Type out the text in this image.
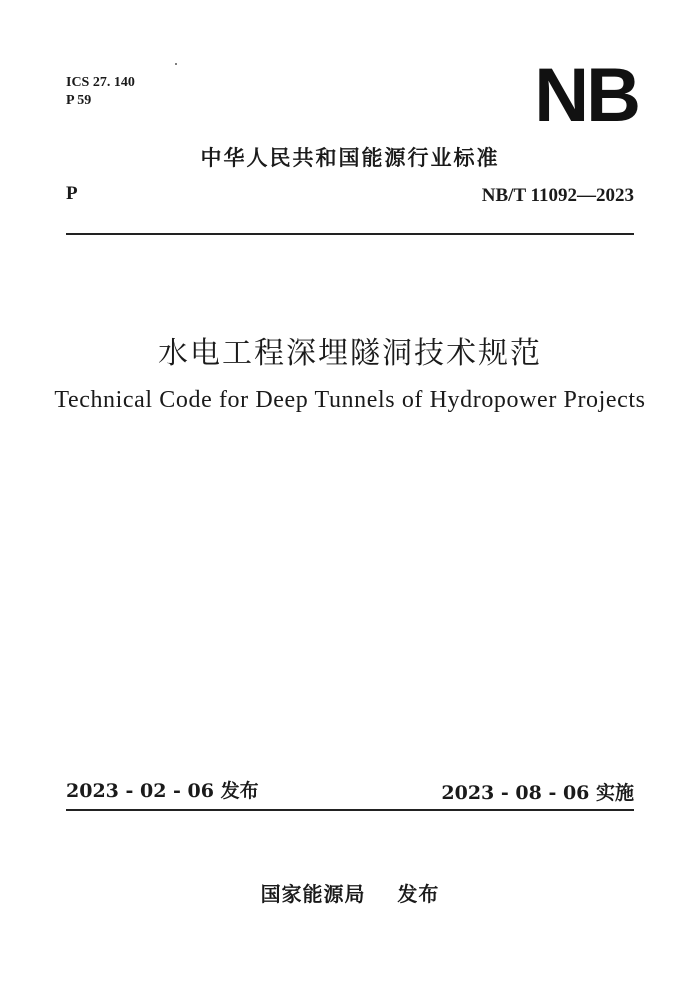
ICS 27. 140
P 59	NB
中华人民共和国能源行业标准
P	NB/T 11092—2023
水电工程深埋隧洞技术规范
Technical Code for Deep Tunnels of Hydropower Projects
2023 - 02 - 06 发布	2023 - 08 - 06 实施
国家能源局    发布
